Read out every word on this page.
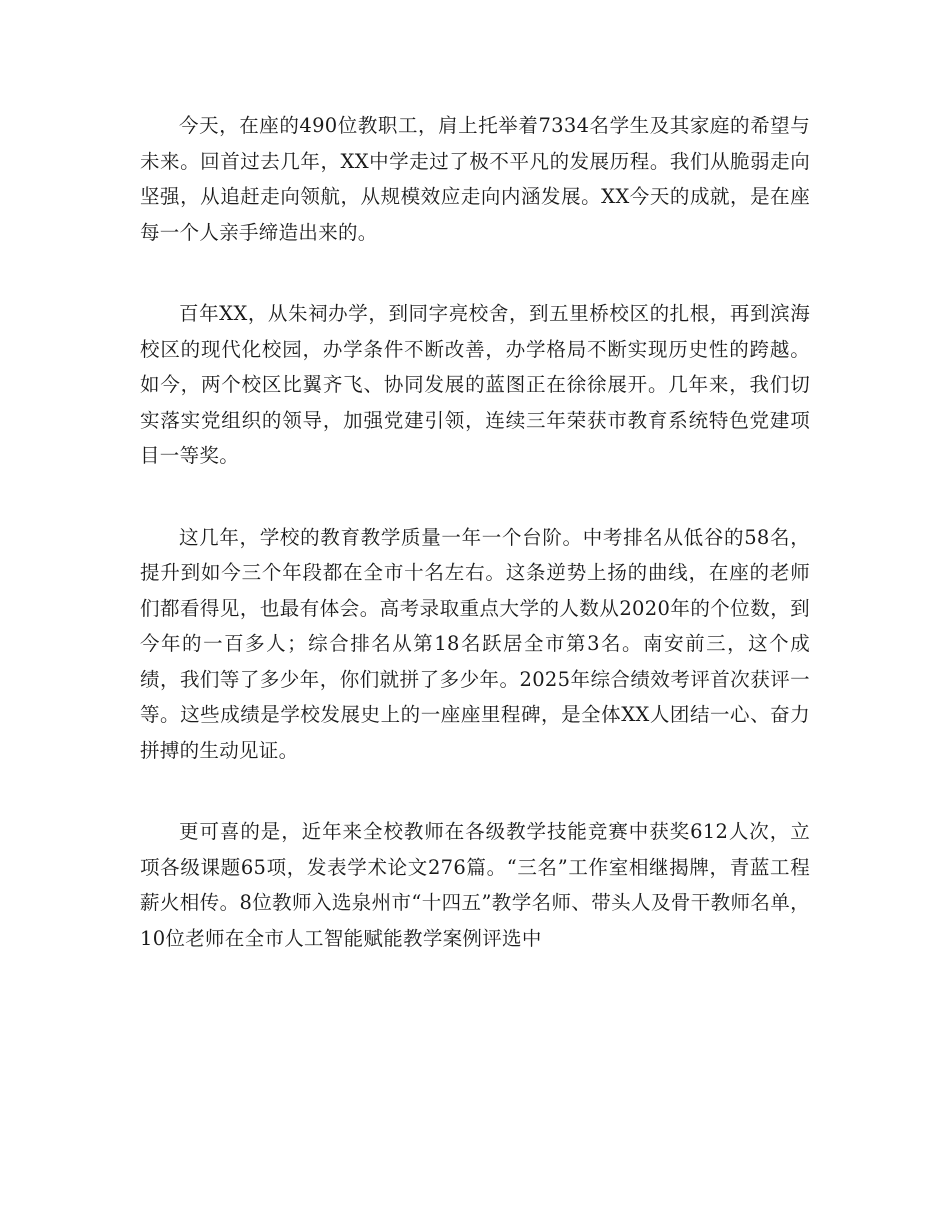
今天，在座的490位教职工，肩上托举着7334名学生及其家庭的希望与未来。回首过去几年，XX中学走过了极不平凡的发展历程。我们从脆弱走向坚强，从追赶走向领航，从规模效应走向内涵发展。XX今天的成就，是在座每一个人亲手缔造出来的。

百年XX，从朱祠办学，到同字亮校舍，到五里桥校区的扎根，再到滨海校区的现代化校园，办学条件不断改善，办学格局不断实现历史性的跨越。如今，两个校区比翼齐飞、协同发展的蓝图正在徐徐展开。几年来，我们切实落实党组织的领导，加强党建引领，连续三年荣获市教育系统特色党建项目一等奖。

这几年，学校的教育教学质量一年一个台阶。中考排名从低谷的58名，提升到如今三个年段都在全市十名左右。这条逆势上扬的曲线，在座的老师们都看得见，也最有体会。高考录取重点大学的人数从2020年的个位数，到今年的一百多人；综合排名从第18名跃居全市第3名。南安前三，这个成绩，我们等了多少年，你们就拼了多少年。2025年综合绩效考评首次获评一等。这些成绩是学校发展史上的一座座里程碑，是全体XX人团结一心、奋力拼搏的生动见证。

更可喜的是，近年来全校教师在各级教学技能竞赛中获奖612人次，立项各级课题65项，发表学术论文276篇。“三名”工作室相继揭牌，青蓝工程薪火相传。8位教师入选泉州市“十四五”教学名师、带头人及骨干教师名单，10位老师在全市人工智能赋能教学案例评选中
